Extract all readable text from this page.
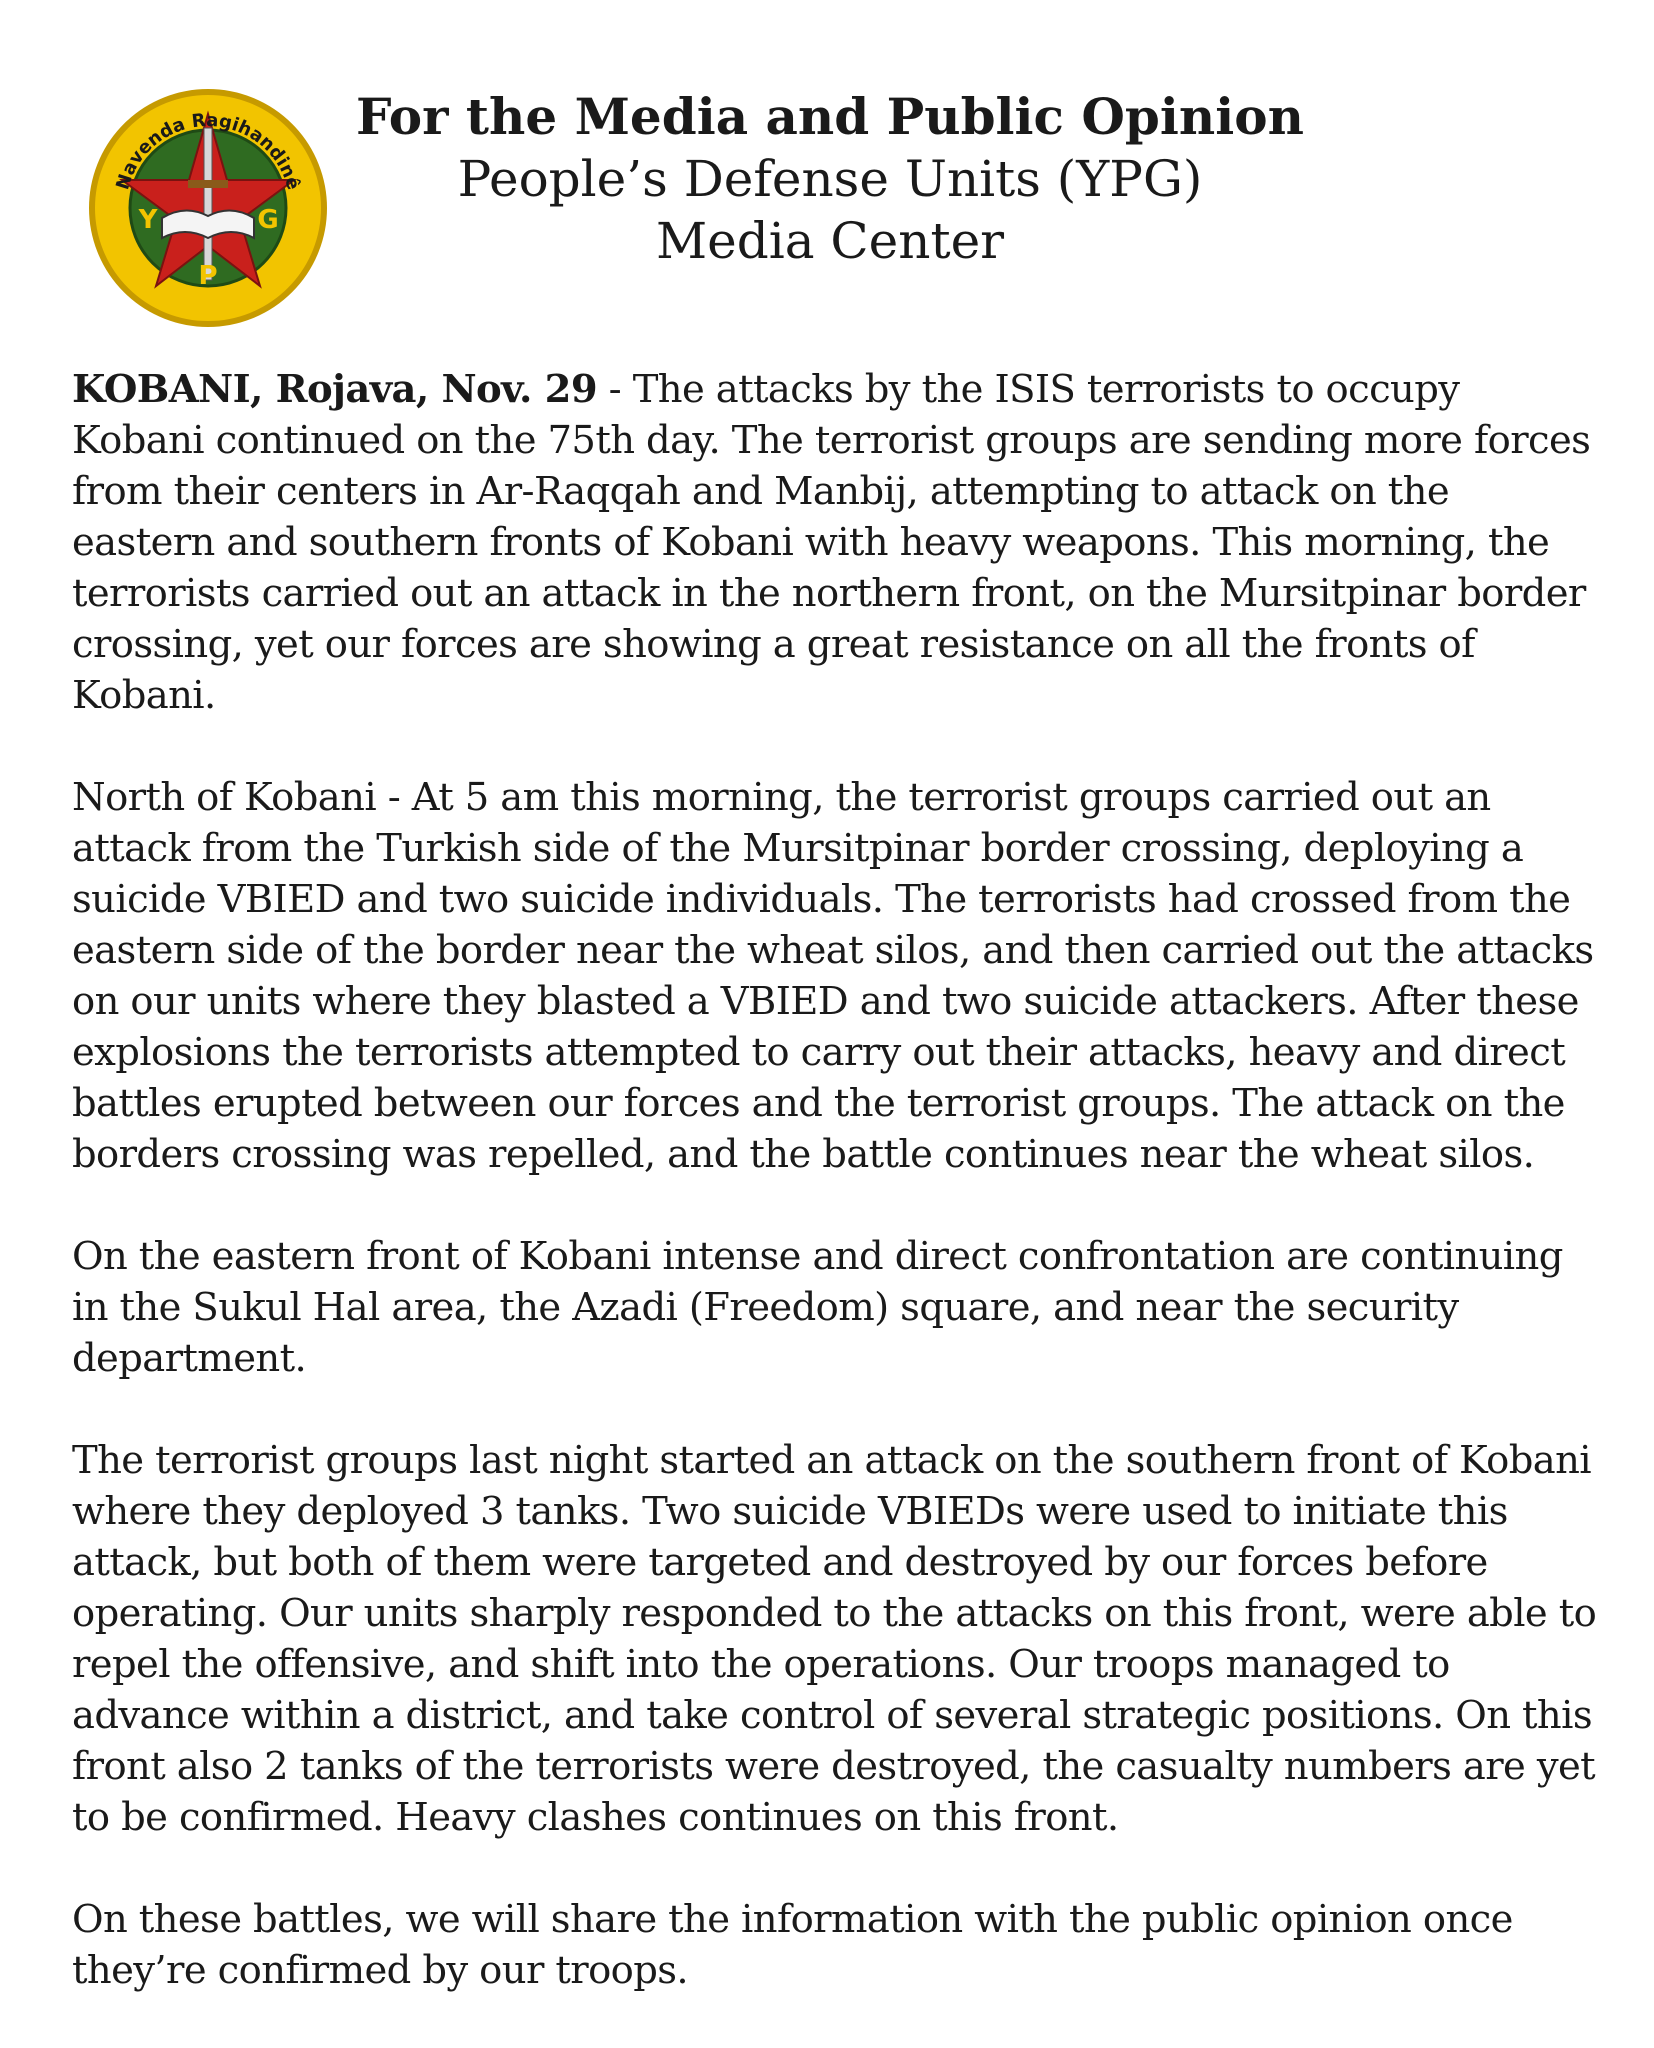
Navenda Ragihandinê
Y
P
G

For the Media and Public Opinion

People’s Defense Units (YPG)

Media Center

KOBANI, Rojava, Nov. 29 - The attacks by the ISIS terrorists to occupy Kobani continued on the 75th day. The terrorist groups are sending more forces from their centers in Ar-Raqqah and Manbij, attempting to attack on the eastern and southern fronts of Kobani with heavy weapons. This morning, the terrorists carried out an attack in the northern front, on the Mursitpinar border crossing, yet our forces are showing a great resistance on all the fronts of Kobani.

North of Kobani - At 5 am this morning, the terrorist groups carried out an attack from the Turkish side of the Mursitpinar border crossing, deploying a suicide VBIED and two suicide individuals. The terrorists had crossed from the eastern side of the border near the wheat silos, and then carried out the attacks on our units where they blasted a VBIED and two suicide attackers. After these explosions the terrorists attempted to carry out their attacks, heavy and direct battles erupted between our forces and the terrorist groups. The attack on the borders crossing was repelled, and the battle continues near the wheat silos.

On the eastern front of Kobani intense and direct confrontation are continuing in the Sukul Hal area, the Azadi (Freedom) square, and near the security department.

The terrorist groups last night started an attack on the southern front of Kobani where they deployed 3 tanks. Two suicide VBIEDs were used to initiate this attack, but both of them were targeted and destroyed by our forces before operating. Our units sharply responded to the attacks on this front, were able to repel the offensive, and shift into the operations. Our troops managed to advance within a district, and take control of several strategic positions. On this front also 2 tanks of the terrorists were destroyed, the casualty numbers are yet to be confirmed. Heavy clashes continues on this front.

On these battles, we will share the information with the public opinion once they’re confirmed by our troops.
